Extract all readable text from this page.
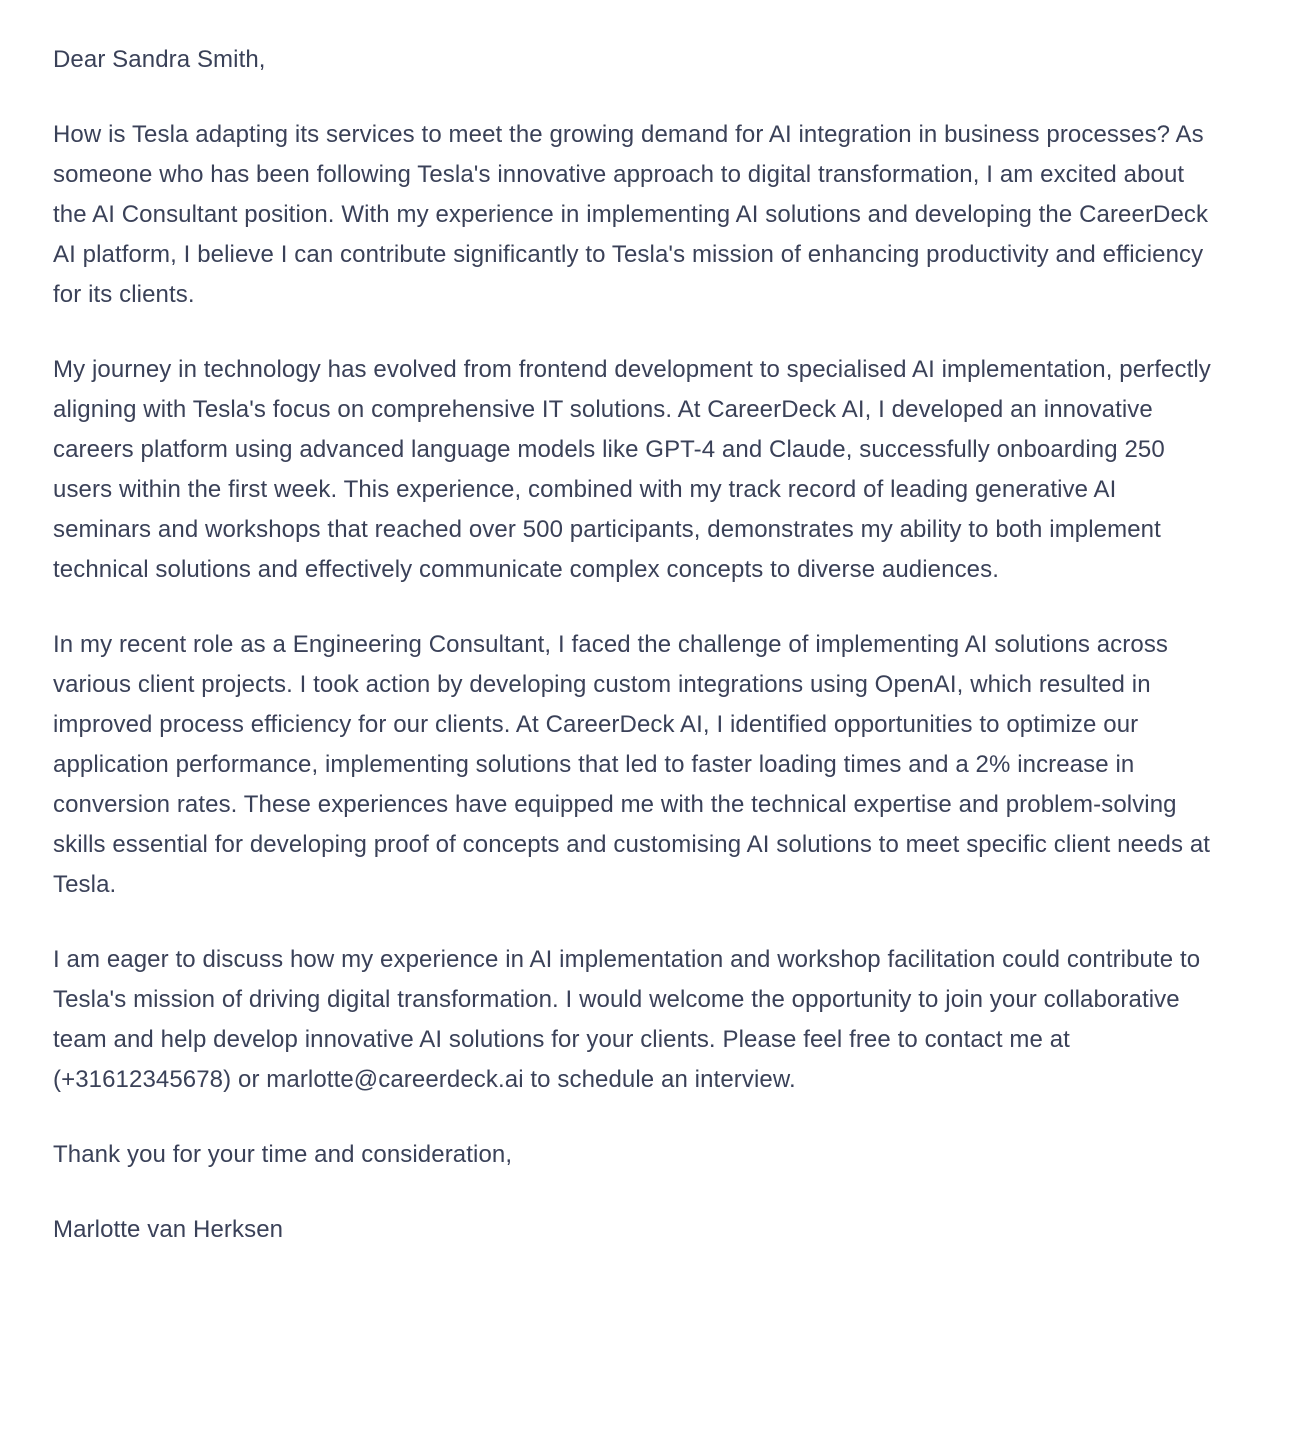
Dear Sandra Smith,

How is Tesla adapting its services to meet the growing demand for AI integration in business processes? As someone who has been following Tesla's innovative approach to digital transformation, I am excited about the AI Consultant position. With my experience in implementing AI solutions and developing the CareerDeck AI platform, I believe I can contribute significantly to Tesla's mission of enhancing productivity and efficiency for its clients.

My journey in technology has evolved from frontend development to specialised AI implementation, perfectly aligning with Tesla's focus on comprehensive IT solutions. At CareerDeck AI, I developed an innovative careers platform using advanced language models like GPT-4 and Claude, successfully onboarding 250 users within the first week. This experience, combined with my track record of leading generative AI seminars and workshops that reached over 500 participants, demonstrates my ability to both implement technical solutions and effectively communicate complex concepts to diverse audiences.

In my recent role as a Engineering Consultant, I faced the challenge of implementing AI solutions across various client projects. I took action by developing custom integrations using OpenAI, which resulted in improved process efficiency for our clients. At CareerDeck AI, I identified opportunities to optimize our application performance, implementing solutions that led to faster loading times and a 2% increase in conversion rates. These experiences have equipped me with the technical expertise and problem-solving skills essential for developing proof of concepts and customising AI solutions to meet specific client needs at Tesla.

I am eager to discuss how my experience in AI implementation and workshop facilitation could contribute to Tesla's mission of driving digital transformation. I would welcome the opportunity to join your collaborative team and help develop innovative AI solutions for your clients. Please feel free to contact me at (+31612345678) or marlotte@careerdeck.ai to schedule an interview.

Thank you for your time and consideration,

Marlotte van Herksen
